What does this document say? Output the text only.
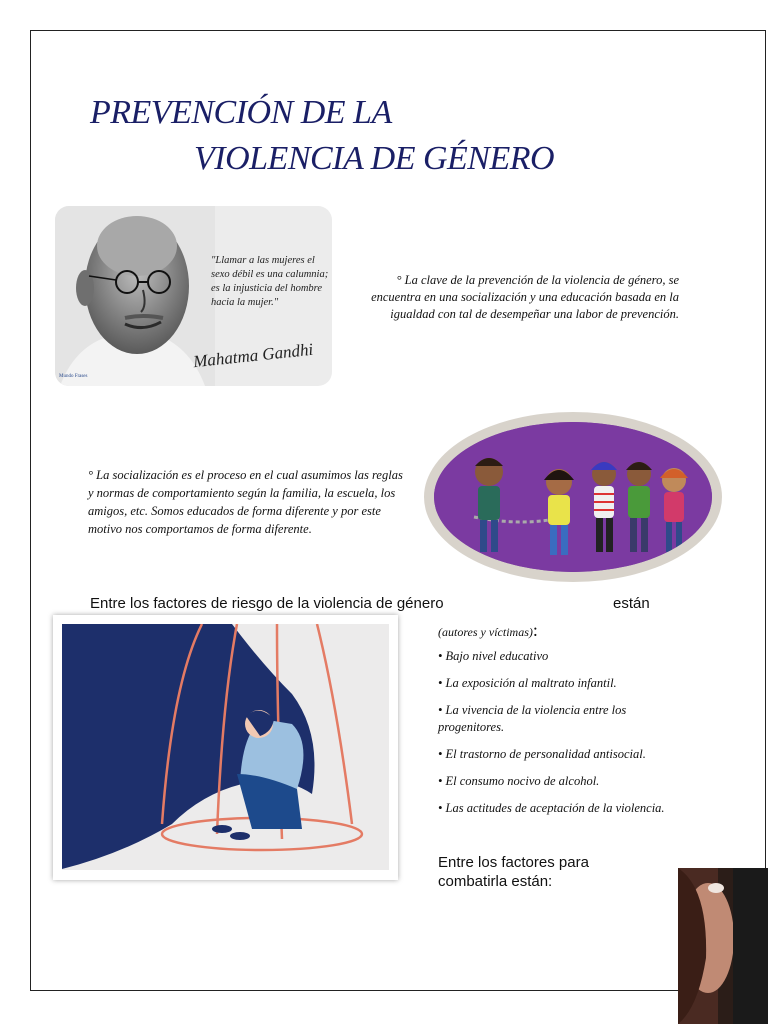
PREVENCIÓN DE LA
VIOLENCIA DE GÉNERO
"Llamar a las mujeres el sexo débil es una calumnia; es la injusticia del hombre hacia la mujer."
Mahatma Gandhi
Mundo Frases
° La clave de la prevención de la violencia de género, se encuentra en una socialización y una educación basada en la igualdad con tal de desempeñar una labor de prevención.
° La socialización es el proceso en el cual asumimos las reglas y normas de comportamiento según la familia, la escuela, los amigos, etc. Somos educados de forma diferente y por este motivo nos comportamos de forma diferente.
Entre los factores de riesgo de la violencia de género	están
(autores y víctimas):
• Bajo nivel educativo
• La exposición al maltrato infantil.
• La vivencia de la violencia entre los progenitores.
• El trastorno de personalidad antisocial.
• El consumo nocivo de alcohol.
• Las actitudes de aceptación de la violencia.
Entre los factores para combatirla están:
